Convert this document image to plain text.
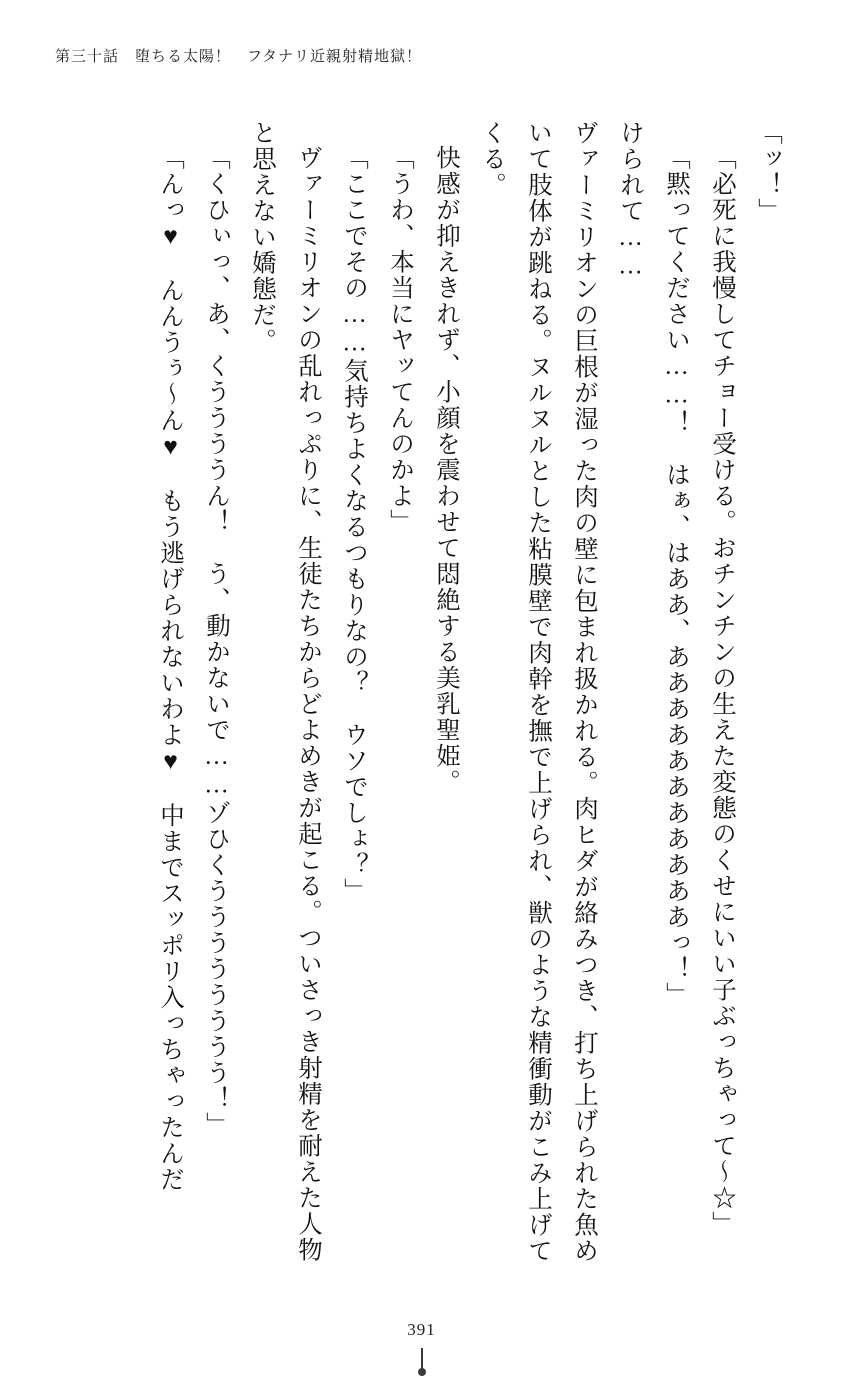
第三十話　堕ちる太陽！　フタナリ近親射精地獄！

「ッ！」

「必死に我慢してチョー受ける。おチンチンの生えた変態のくせにいい子ぶっちゃって～☆」

「黙ってください……！　はぁ、はああ、あああああああああああっ！」

けられて……

ヴァーミリオンの巨根が湿った肉の壁に包まれ扱かれる。肉ヒダが絡みつき、打ち上げられた魚めいて肢体が跳ねる。ヌルヌルとした粘膜壁で肉幹を撫で上げられ、獣のような精衝動がこみ上げてくる。

快感が抑えきれず、小顔を震わせて悶絶する美乳聖姫。

「うわ、本当にヤッてんのかよ」

「ここでその……気持ちよくなるつもりなの？　ウソでしょ？」

ヴァーミリオンの乱れっぷりに、生徒たちからどよめきが起こる。ついさっき射精を耐えた人物と思えない嬌態だ。

「くひぃっ、あ、くううううん！　う、動かないで……ゾひくうううううううう！」

「んっ♥　んんうぅ～ん♥　もう逃げられないわよ♥　中までスッポリ入っちゃったんだ

391
